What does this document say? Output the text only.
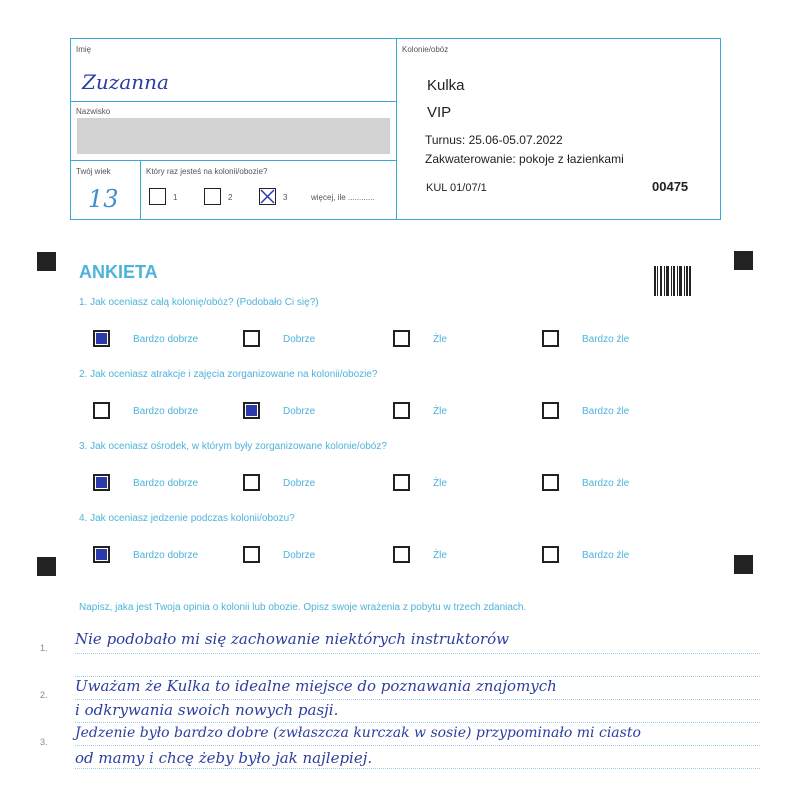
Imię
Zuzanna
Nazwisko
Twój wiek
13
Który raz jesteś na kolonii/obozie?
1	2	3	więcej, ile ............
Kolonie/obóz
Kulka
VIP
Turnus: 25.06-05.07.2022
Zakwaterowanie: pokoje z łazienkami
KUL 01/07/1	00475
ANKIETA
1. Jak oceniasz całą kolonię/obóz? (Podobało Ci się?)
Bardzo dobrze	Dobrze	Źle	Bardzo źle
2. Jak oceniasz atrakcje i zajęcia zorganizowane na kolonii/obozie?
Bardzo dobrze	Dobrze	Źle	Bardzo źle
3. Jak oceniasz ośrodek, w którym były zorganizowane kolonie/obóz?
Bardzo dobrze	Dobrze	Źle	Bardzo źle
4. Jak oceniasz jedzenie podczas kolonii/obozu?
Bardzo dobrze	Dobrze	Źle	Bardzo źle
Napisz, jaka jest Twoja opinia o kolonii lub obozie. Opisz swoje wrażenia z pobytu w trzech zdaniach.
1.
2.
3.
Nie podobało mi się zachowanie niektórych instruktorów
Uważam że Kulka to idealne miejsce do poznawania znajomych
i odkrywania swoich nowych pasji.
Jedzenie było bardzo dobre (zwłaszcza kurczak w sosie) przypominało mi ciasto
od mamy i chcę żeby było jak najlepiej.
